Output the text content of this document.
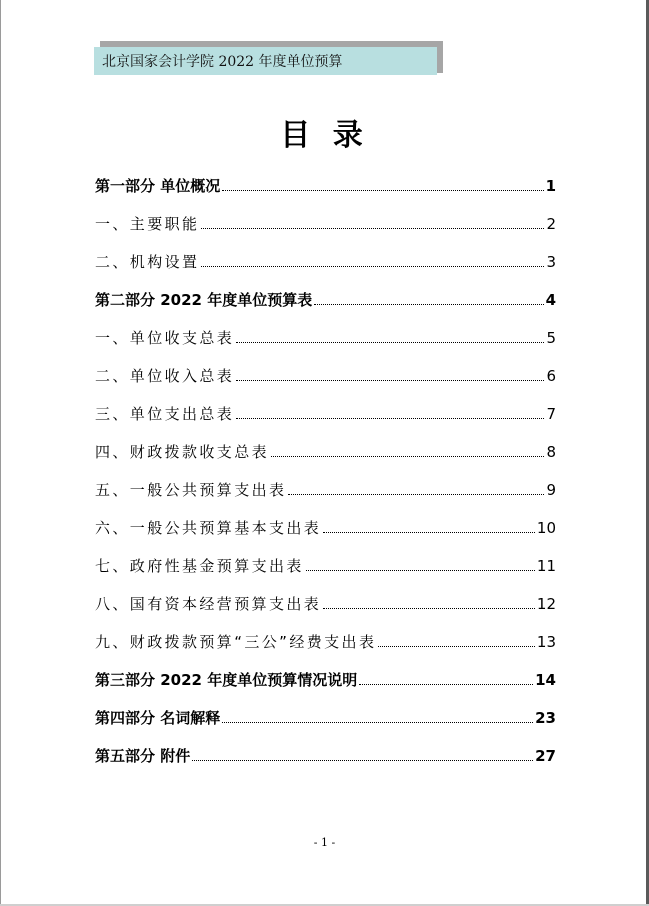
北京国家会计学院 2022 年度单位预算
目 录
第一部分 单位概况	1
一、主要职能	2
二、机构设置	3
第二部分 2022 年度单位预算表	4
一、单位收支总表	5
二、单位收入总表	6
三、单位支出总表	7
四、财政拨款收支总表	8
五、一般公共预算支出表	9
六、一般公共预算基本支出表	10
七、政府性基金预算支出表	11
八、国有资本经营预算支出表	12
九、财政拨款预算“三公”经费支出表	13
第三部分 2022 年度单位预算情况说明	14
第四部分 名词解释	23
第五部分 附件	27
- 1 -
